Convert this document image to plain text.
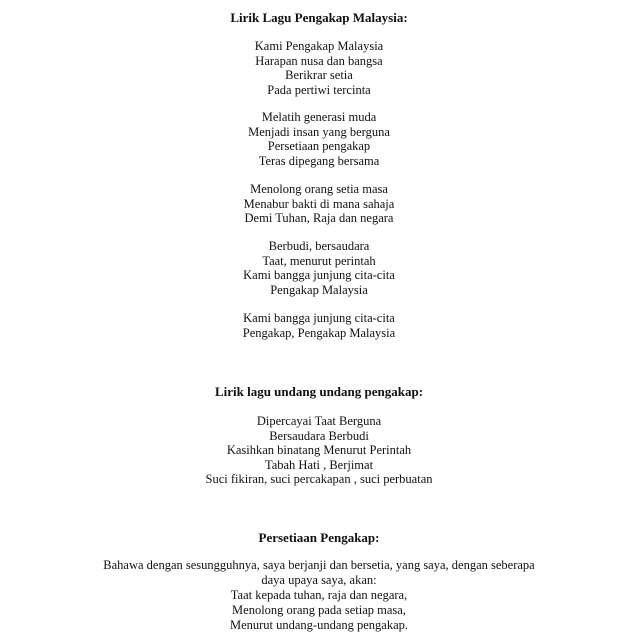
Lirik Lagu Pengakap Malaysia:
Kami Pengakap Malaysia
Harapan nusa dan bangsa
Berikrar setia
Pada pertiwi tercinta
Melatih generasi muda
Menjadi insan yang berguna
Persetiaan pengakap
Teras dipegang bersama
Menolong orang setia masa
Menabur bakti di mana sahaja
Demi Tuhan, Raja dan negara
Berbudi, bersaudara
Taat, menurut perintah
Kami bangga junjung cita-cita
Pengakap Malaysia
Kami bangga junjung cita-cita
Pengakap, Pengakap Malaysia
Lirik lagu undang undang pengakap:
Dipercayai Taat Berguna
Bersaudara Berbudi
Kasihkan binatang Menurut Perintah
Tabah Hati , Berjimat
Suci fikiran, suci percakapan , suci perbuatan
Persetiaan Pengakap:
Bahawa dengan sesungguhnya, saya berjanji dan bersetia, yang saya, dengan seberapa
daya upaya saya, akan:
Taat kepada tuhan, raja dan negara,
Menolong orang pada setiap masa,
Menurut undang-undang pengakap.
